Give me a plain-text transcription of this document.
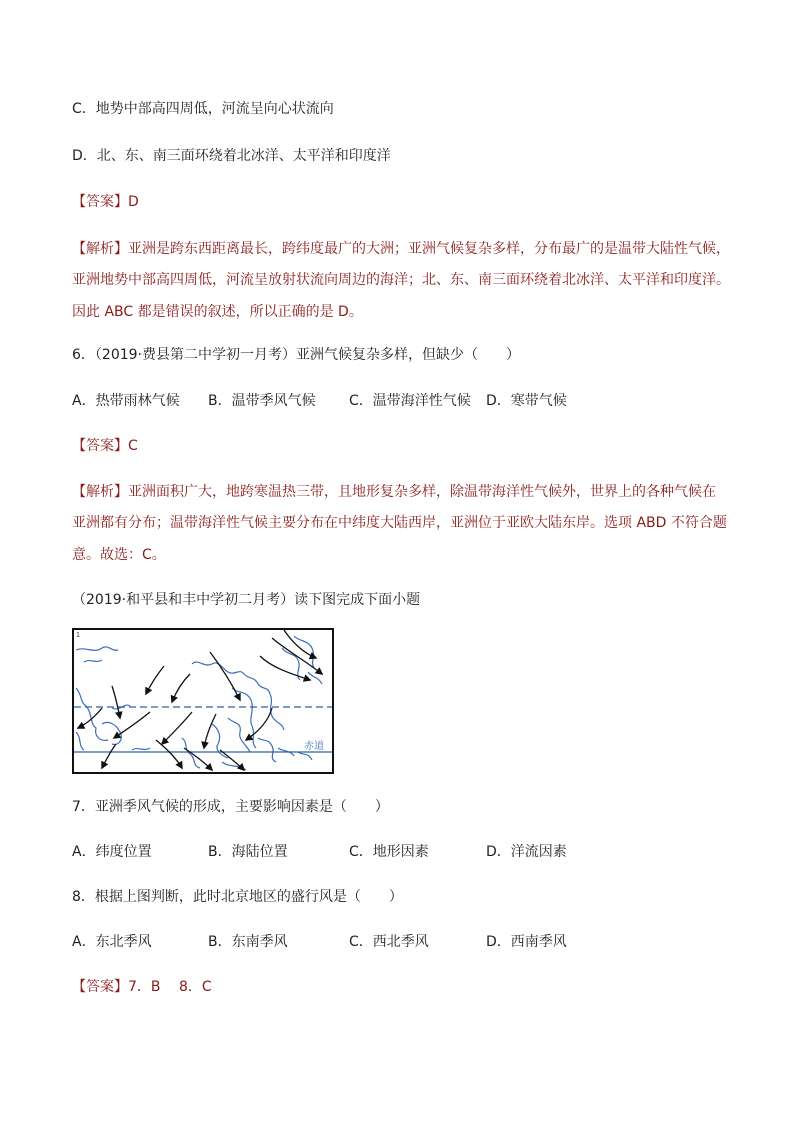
C．地势中部高四周低，河流呈向心状流向
D．北、东、南三面环绕着北冰洋、太平洋和印度洋
【答案】D
【解析】亚洲是跨东西距离最长，跨纬度最广的大洲；亚洲气候复杂多样，分布最广的是温带大陆性气候，
亚洲地势中部高四周低，河流呈放射状流向周边的海洋；北、东、南三面环绕着北冰洋、太平洋和印度洋。
因此 ABC 都是错误的叙述，所以正确的是 D。
6．（2019·费县第二中学初一月考）亚洲气候复杂多样，但缺少（　　）
A．热带雨林气候 B．温带季风气候 C．温带海洋性气候 D．寒带气候
【答案】C
【解析】亚洲面积广大，地跨寒温热三带，且地形复杂多样，除温带海洋性气候外，世界上的各种气候在
亚洲都有分布；温带海洋性气候主要分布在中纬度大陆西岸，亚洲位于亚欧大陆东岸。选项 ABD 不符合题
意。故选：C。
（2019·和平县和丰中学初二月考）读下图完成下面小题
1
赤道
7．亚洲季风气候的形成，主要影响因素是（　　）
A．纬度位置	B．海陆位置	C．地形因素	D．洋流因素
8．根据上图判断，此时北京地区的盛行风是（　　）
A．东北季风	B．东南季风	C．西北季风	D．西南季风
【答案】7．B　 8．C
